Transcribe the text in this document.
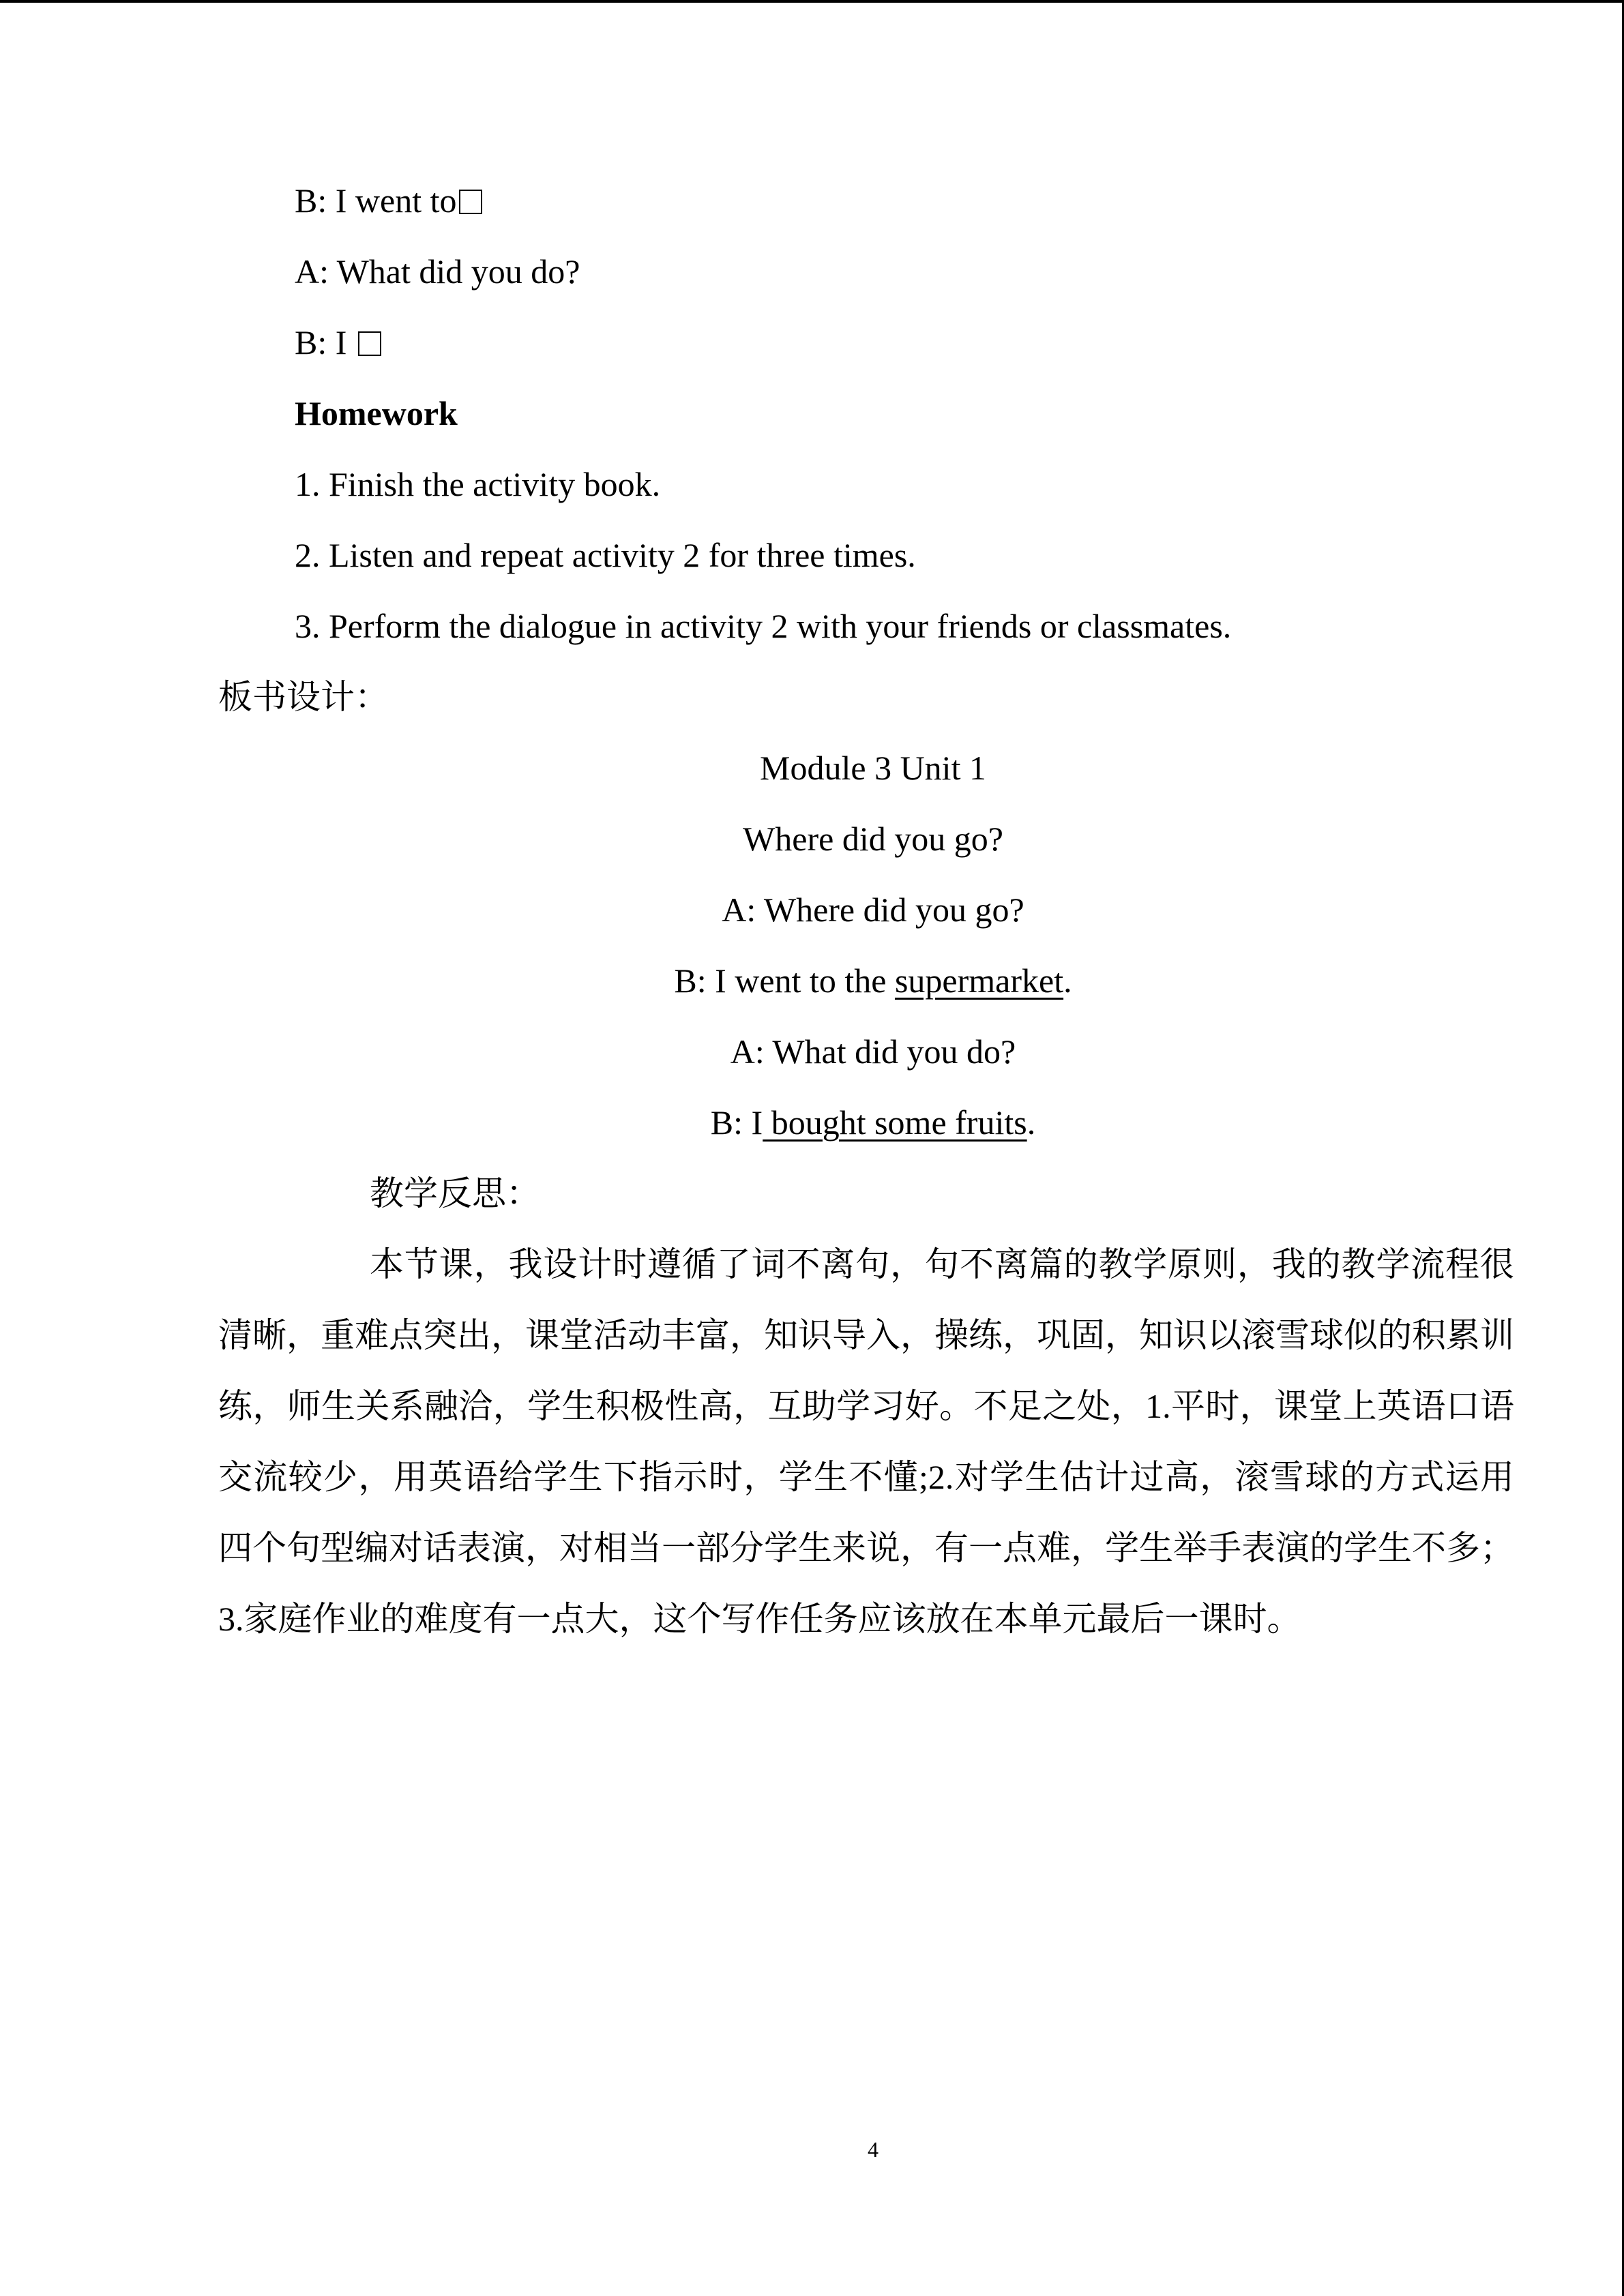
B: I went to
A: What did you do?
B: I
Homework
1. Finish the activity book.
2. Listen and repeat activity 2 for three times.
3. Perform the dialogue in activity 2 with your friends or classmates.
板书设计：
Module 3 Unit 1
Where did you go?
A: Where did you go?
B: I went to the supermarket.
A: What did you do?
B: I bought some fruits.
教学反思：
本节课，我设计时遵循了词不离句，句不离篇的教学原则，我的教学流程很清晰，重难点突出，课堂活动丰富，知识导入，操练，巩固，知识以滚雪球似的积累训练，师生关系融洽，学生积极性高，互助学习好。不足之处，1.平时，课堂上英语口语交流较少，用英语给学生下指示时，学生不懂;2.对学生估计过高，滚雪球的方式运用四个句型编对话表演，对相当一部分学生来说，有一点难，学生举手表演的学生不多；3.家庭作业的难度有一点大，这个写作任务应该放在本单元最后一课时。
4
